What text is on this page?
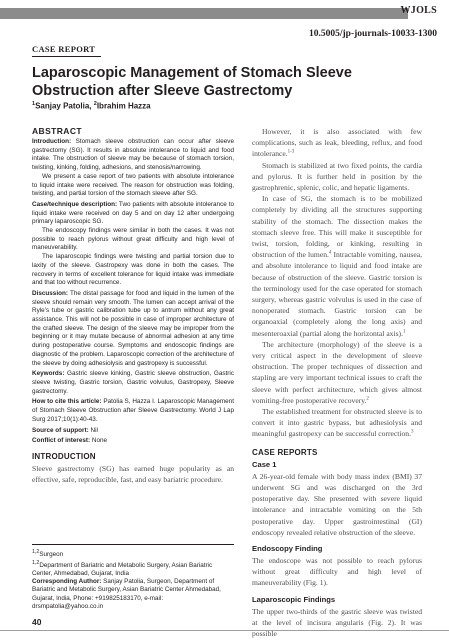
WJOLS
10.5005/jp-journals-10033-1300
CASE REPORT
Laparoscopic Management of Stomach Sleeve Obstruction after Sleeve Gastrectomy
$^1$Sanjay Patolia, $^2$Ibrahim Hazza
ABSTRACT

Introduction: Stomach sleeve obstruction can occur after sleeve gastrectomy (SG). It results in absolute intolerance to liquid and food intake. The obstruction of sleeve may be because of stomach torsion, twisting, kinking, folding, adhesions, and stenosis/narrowing.

We present a case report of two patients with absolute intolerance to liquid intake were received. The reason for obstruction was folding, twisting, and partial torsion of the stomach sleeve after SG.

Case/technique description: Two patients with absolute intolerance to liquid intake were received on day 5 and on day 12 after undergoing primary laparoscopic SG.

The endoscopy findings were similar in both the cases. It was not possible to reach pylorus without great difficulty and high level of maneuverability.

The laparoscopic findings were twisting and partial torsion due to laxity of the sleeve. Gastropexy was done in both the cases. The recovery in terms of excellent tolerance for liquid intake was immediate and that too without recurrence.

Discussion: The distal passage for food and liquid in the lumen of the sleeve should remain very smooth. The lumen can accept arrival of the Ryle’s tube or gastric calibration tube up to antrum without any great assistance. This will not be possible in case of improper architecture of the crafted sleeve. The design of the sleeve may be improper from the beginning or it may mutate because of abnormal adhesion at any time during postoperative course. Symptoms and endoscopic findings are diagnostic of the problem. Laparoscopic correction of the architecture of the sleeve by doing adhesiolysis and gastropexy is successful.

Keywords: Gastric sleeve kinking, Gastric sleeve obstruction, Gastric sleeve twisting, Gastric torsion, Gastric volvulus, Gastropexy, Sleeve gastrectomy.

How to cite this article: Patolia S, Hazza I. Laparoscopic Management of Stomach Sleeve Obstruction after Sleeve Gastrectomy. World J Lap Surg 2017;10(1):40-43.

Source of support: Nil

Conflict of interest: None

INTRODUCTION

Sleeve gastrectomy (SG) has earned huge popularity as an effective, safe, reproducible, fast, and easy bariatric procedure.

$^{1,2}$Surgeon
$^{1,2}$Department of Bariatric and Metabolic Surgery, Asian Bariatric Center, Ahmedabad, Gujarat, India
Corresponding Author: Sanjay Patolia, Surgeon, Department of Bariatric and Metabolic Surgery, Asian Bariatric Center Ahmedabad, Gujarat, India, Phone: +919825183170, e-mail: drsmpatolia@yahoo.co.in
40

However, it is also associated with few complications, such as leak, bleeding, reflux, and food intolerance.$^{1-3}$

Stomach is stabilized at two fixed points, the cardia and pylorus. It is further held in position by the gastrophrenic, splenic, colic, and hepatic ligaments.

In case of SG, the stomach is to be mobilized completely by dividing all the structures supporting stability of the stomach. The dissection makes the stomach sleeve free. This will make it susceptible for twist, torsion, folding, or kinking, resulting in obstruction of the lumen.$^4$ Intractable vomiting, nausea, and absolute intolerance to liquid and food intake are because of obstruction of the sleeve. Gastric torsion is the terminology used for the case operated for stomach surgery, whereas gastric volvulus is used in the case of nonoperated stomach. Gastric torsion can be organoaxial (completely along the long axis) and mesenteroaxial (partial along the horizontal axis).$^1$

The architecture (morphology) of the sleeve is a very critical aspect in the development of sleeve obstruction. The proper techniques of dissection and stapling are very important technical issues to craft the sleeve with perfect architecture, which gives almost vomiting-free postoperative recovery.$^2$

The established treatment for obstructed sleeve is to convert it into gastric bypass, but adhesiolysis and meaningful gastropexy can be successful correction.$^3$

CASE REPORTS
Case 1

A 26-year-old female with body mass index (BMI) 37 underwent SG and was discharged on the 3rd postoperative day. She presented with severe liquid intolerance and intractable vomiting on the 5th postoperative day. Upper gastrointestinal (GI) endoscopy revealed relative obstruction of the sleeve.

Endoscopy Finding

The endoscope was not possible to reach pylorus without great difficulty and high level of maneuverability (Fig. 1).

Laparoscopic Findings

The upper two-thirds of the gastric sleeve was twisted at the level of incisura angularis (Fig. 2). It was possible
